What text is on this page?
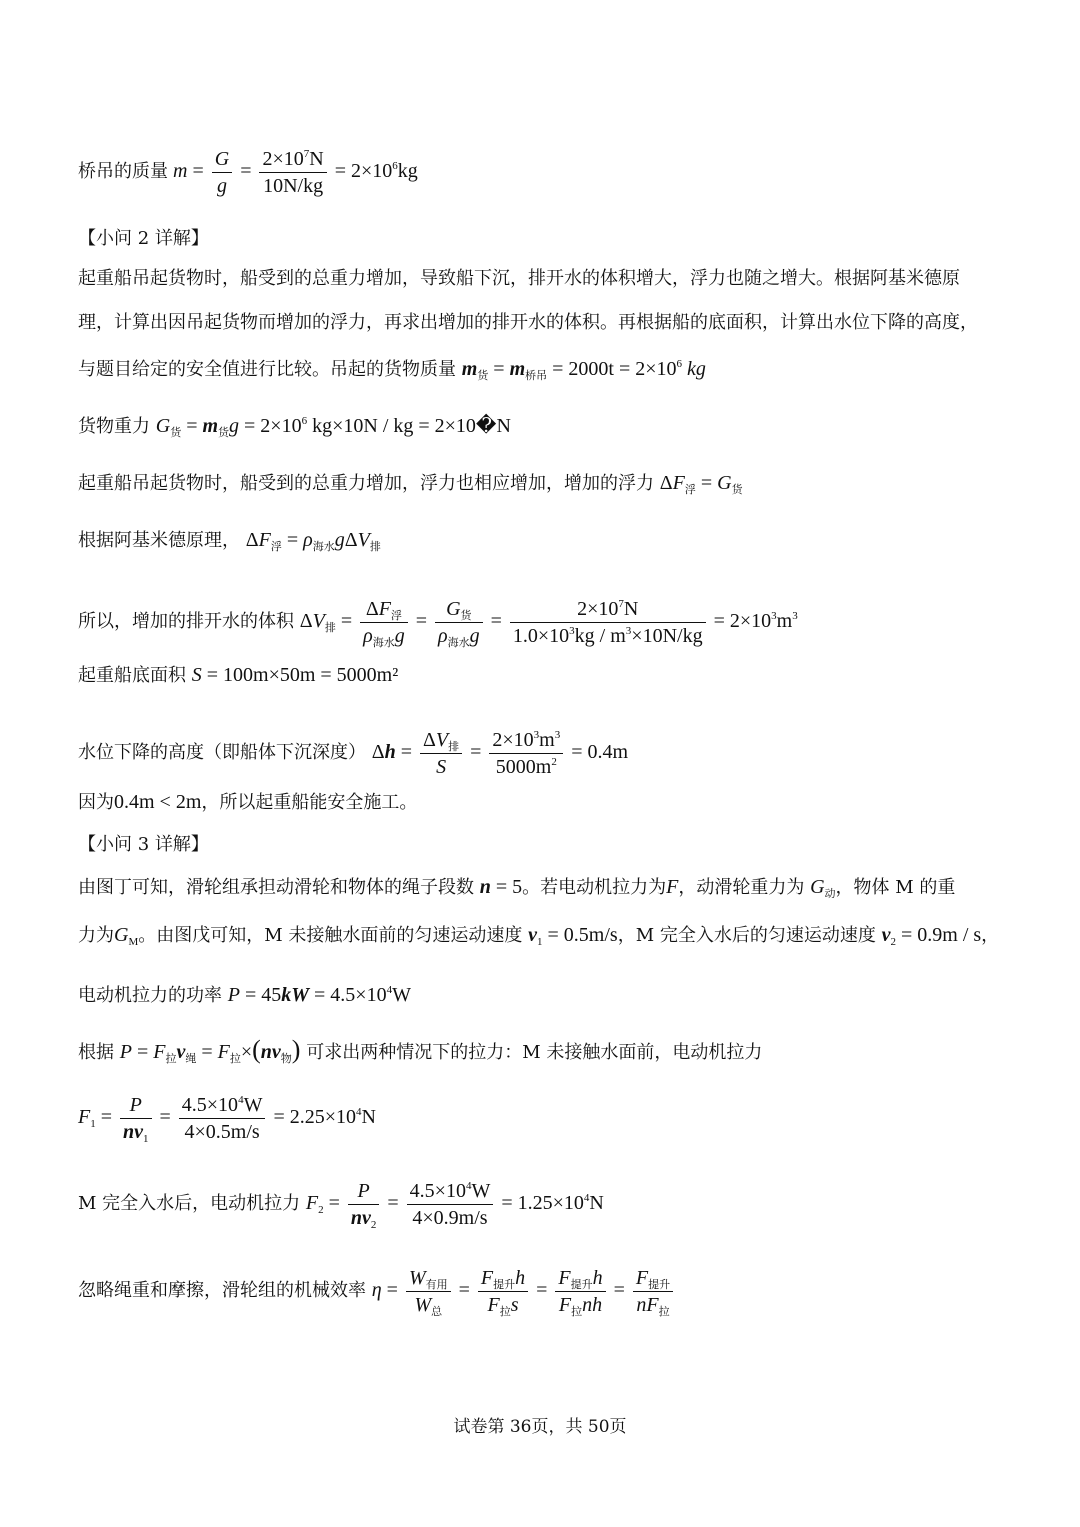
桥吊的质量 $m = \frac{G}{g} = \frac{2\times 10^7N}{10N/kg} = 2\times 10^6kg$
【小问 2 详解】
起重船吊起货物时，船受到的总重力增加，导致船下沉，排开水的体积增大，浮力也随之增大。根据阿基米德原
理，计算出因吊起货物而增加的浮力，再求出增加的排开水的体积。再根据船的底面积，计算出水位下降的高度，
与题目给定的安全值进行比较。吊起的货物质量 $m_货 = m_{桥吊} = 2000t = 2\times 10^6$ kg
货物重力 $G_货 = m_货g = 2\times 10^6$ kg×10N / kg = 2×10�N
起重船吊起货物时，船受到的总重力增加，浮力也相应增加，增加的浮力 $\Delta F_浮 = G_货$
根据阿基米德原理， $\Delta F_浮 = \rho_{海水}g\Delta V_排$
所以，增加的排开水的体积 $\Delta V_排 = \frac{\Delta F_浮}{\rho_{海水}g} = \frac{G_货}{\rho_{海水}g} = \frac{2\times 10^7N}{1.0\times 10^3kg / m^3\times 10N/kg} = 2\times 10^3m^3$
起重船底面积 S = 100m×50m = 5000m²
水位下降的高度（即船体下沉深度） $\Delta h = \frac{\Delta V_排}{S} = \frac{2\times 10^3m^3}{5000m^2} = 0.4m$
因为0.4m < 2m，所以起重船能安全施工。
【小问 3 详解】
由图丁可知，滑轮组承担动滑轮和物体的绳子段数 n = 5。若电动机拉力为F，动滑轮重力为 $G_动$，物体 M 的重
力为$G_M$。由图戊可知，M 未接触水面前的匀速运动速度 $v_1 = 0.5m/s$，M 完全入水后的匀速运动速度 $v_2 = 0.9m / s$，
电动机拉力的功率 $P = 45kW = 4.5\times 10^4W$
根据 $P = F_拉v_绳 = F_拉\times(nv_物)$ 可求出两种情况下的拉力：M 未接触水面前，电动机拉力
$F_1 = \frac{P}{nv_1} = \frac{4.5\times 10^4W}{4\times 0.5m/s} = 2.25\times 10^4N$
M 完全入水后，电动机拉力 $F_2 = \frac{P}{nv_2} = \frac{4.5\times 10^4W}{4\times 0.9m/s} = 1.25\times 10^4N$
忽略绳重和摩擦，滑轮组的机械效率 $\eta = \frac{W_{有用}}{W_总} = \frac{F_{提升}h}{F_拉s} = \frac{F_{提升}h}{F_拉nh} = \frac{F_{提升}}{nF_拉}$
试卷第 36页，共 50页
